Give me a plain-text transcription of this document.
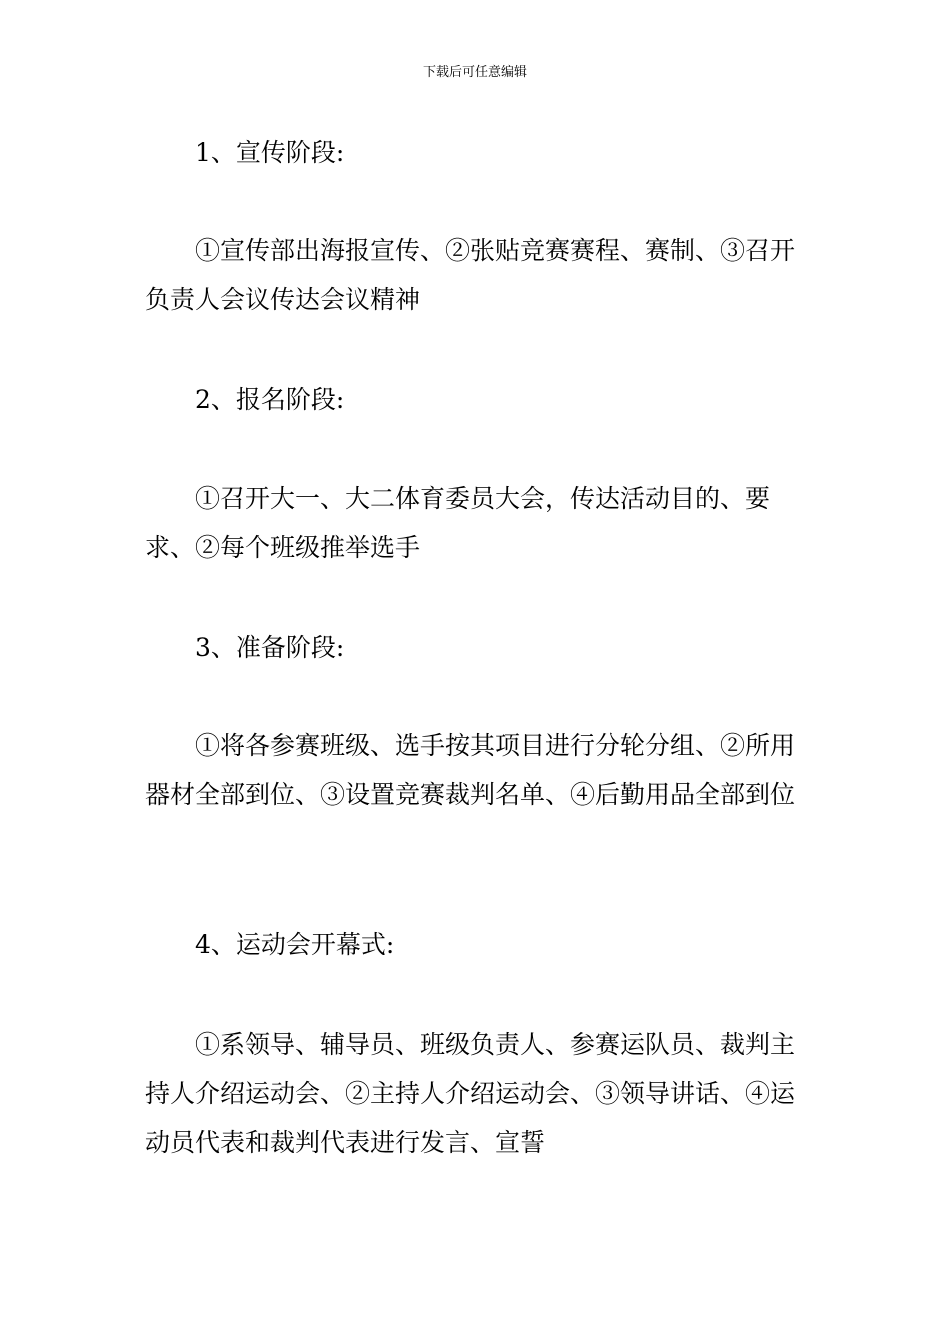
下载后可任意编辑

1、宣传阶段:

①宣传部出海报宣传、②张贴竞赛赛程、赛制、③召开负责人会议传达会议精神

2、报名阶段:

①召开大一、大二体育委员大会，传达活动目的、要求、②每个班级推举选手

3、准备阶段:

①将各参赛班级、选手按其项目进行分轮分组、②所用器材全部到位、③设置竞赛裁判名单、④后勤用品全部到位

4、运动会开幕式:

①系领导、辅导员、班级负责人、参赛运队员、裁判主持人介绍运动会、②主持人介绍运动会、③领导讲话、④运动员代表和裁判代表进行发言、宣誓
